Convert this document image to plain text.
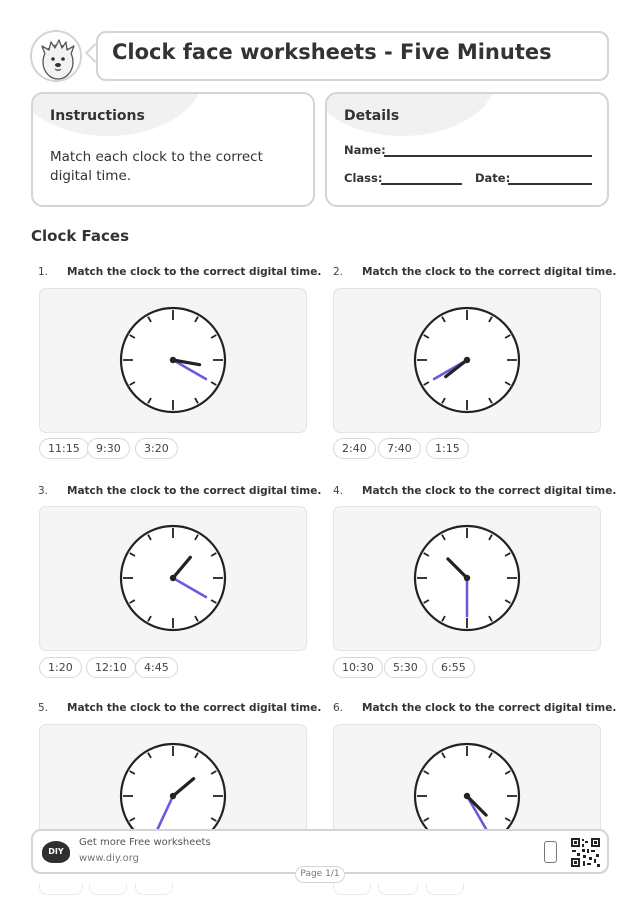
Clock face worksheets - Five Minutes
Instructions
Match each clock to the correct digital time.
Details
Name:
Class:	Date:
Clock Faces
1. Match the clock to the correct digital time.
11:15	9:30	3:20
2. Match the clock to the correct digital time.
2:40	7:40	1:15
3. Match the clock to the correct digital time.
1:20	12:10	4:45
4. Match the clock to the correct digital time.
10:30	5:30	6:55
5. Match the clock to the correct digital time. 6. Match the clock to the correct digital time.
DIY
Get more Free worksheets
www.diy.org
Page 1/1
